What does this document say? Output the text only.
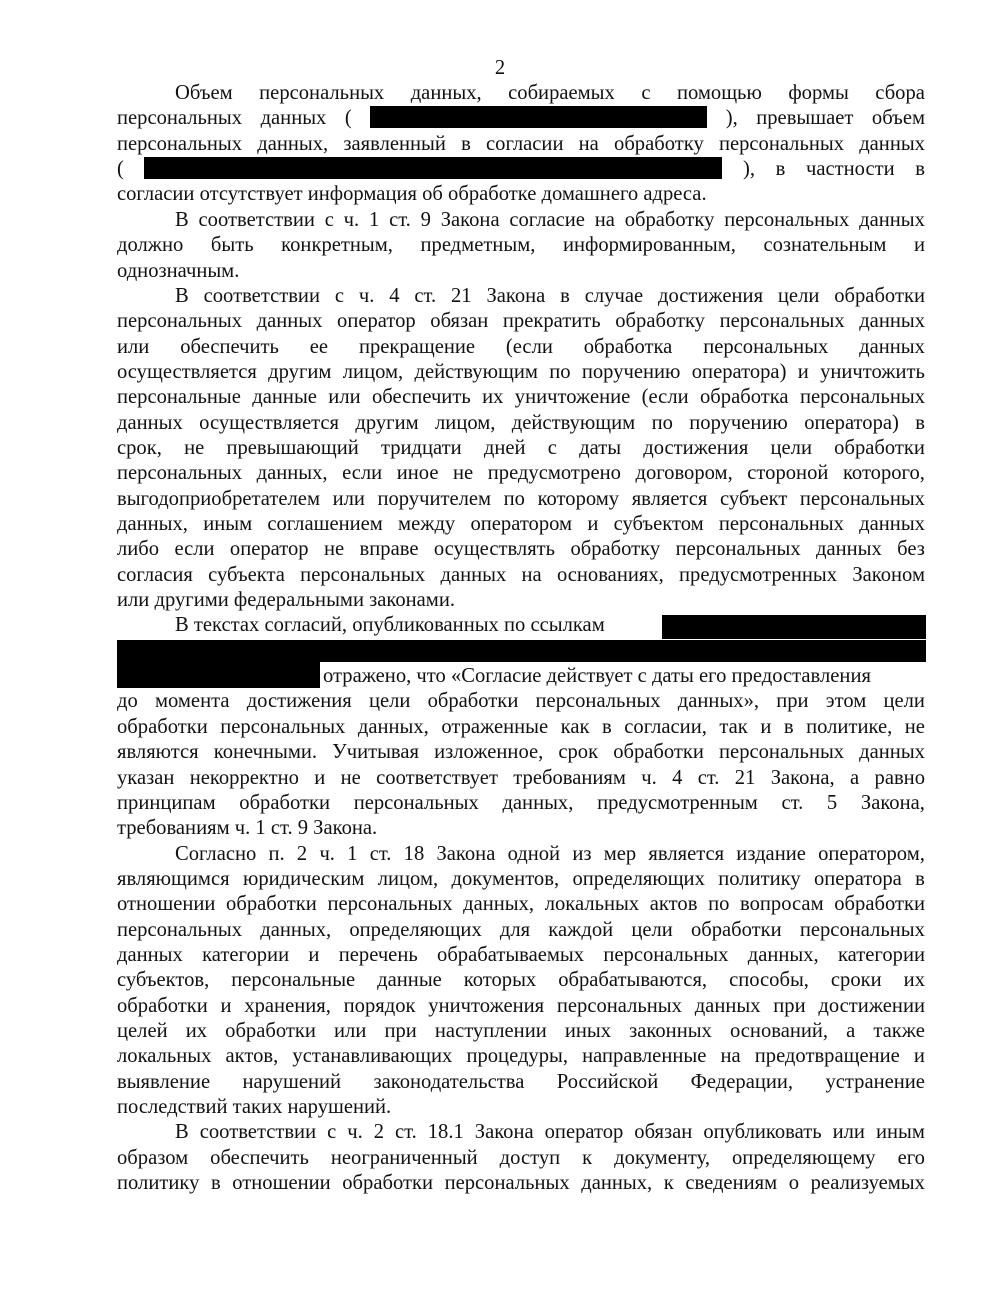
2
Объем персональных данных, собираемых с помощью формы сбора
персональных данных (	), превышает объем
персональных данных, заявленный в согласии на обработку персональных данных
(	), в частности в
согласии отсутствует информация об обработке домашнего адреса.
В соответствии с ч. 1 ст. 9 Закона согласие на обработку персональных данных
должно быть конкретным, предметным, информированным, сознательным и
однозначным.
В соответствии с ч. 4 ст. 21 Закона в случае достижения цели обработки
персональных данных оператор обязан прекратить обработку персональных данных
или обеспечить ее прекращение (если обработка персональных данных
осуществляется другим лицом, действующим по поручению оператора) и уничтожить
персональные данные или обеспечить их уничтожение (если обработка персональных
данных осуществляется другим лицом, действующим по поручению оператора) в
срок, не превышающий тридцати дней с даты достижения цели обработки
персональных данных, если иное не предусмотрено договором, стороной которого,
выгодоприобретателем или поручителем по которому является субъект персональных
данных, иным соглашением между оператором и субъектом персональных данных
либо если оператор не вправе осуществлять обработку персональных данных без
согласия субъекта персональных данных на основаниях, предусмотренных Законом
или другими федеральными законами.
В текстах согласий, опубликованных по ссылкам
отражено, что «Согласие действует с даты его предоставления
до момента достижения цели обработки персональных данных», при этом цели
обработки персональных данных, отраженные как в согласии, так и в политике, не
являются конечными. Учитывая изложенное, срок обработки персональных данных
указан некорректно и не соответствует требованиям ч. 4 ст. 21 Закона, а равно
принципам обработки персональных данных, предусмотренным ст. 5 Закона,
требованиям ч. 1 ст. 9 Закона.
Согласно п. 2 ч. 1 ст. 18 Закона одной из мер является издание оператором,
являющимся юридическим лицом, документов, определяющих политику оператора в
отношении обработки персональных данных, локальных актов по вопросам обработки
персональных данных, определяющих для каждой цели обработки персональных
данных категории и перечень обрабатываемых персональных данных, категории
субъектов, персональные данные которых обрабатываются, способы, сроки их
обработки и хранения, порядок уничтожения персональных данных при достижении
целей их обработки или при наступлении иных законных оснований, а также
локальных актов, устанавливающих процедуры, направленные на предотвращение и
выявление нарушений законодательства Российской Федерации, устранение
последствий таких нарушений.
В соответствии с ч. 2 ст. 18.1 Закона оператор обязан опубликовать или иным
образом обеспечить неограниченный доступ к документу, определяющему его
политику в отношении обработки персональных данных, к сведениям о реализуемых
